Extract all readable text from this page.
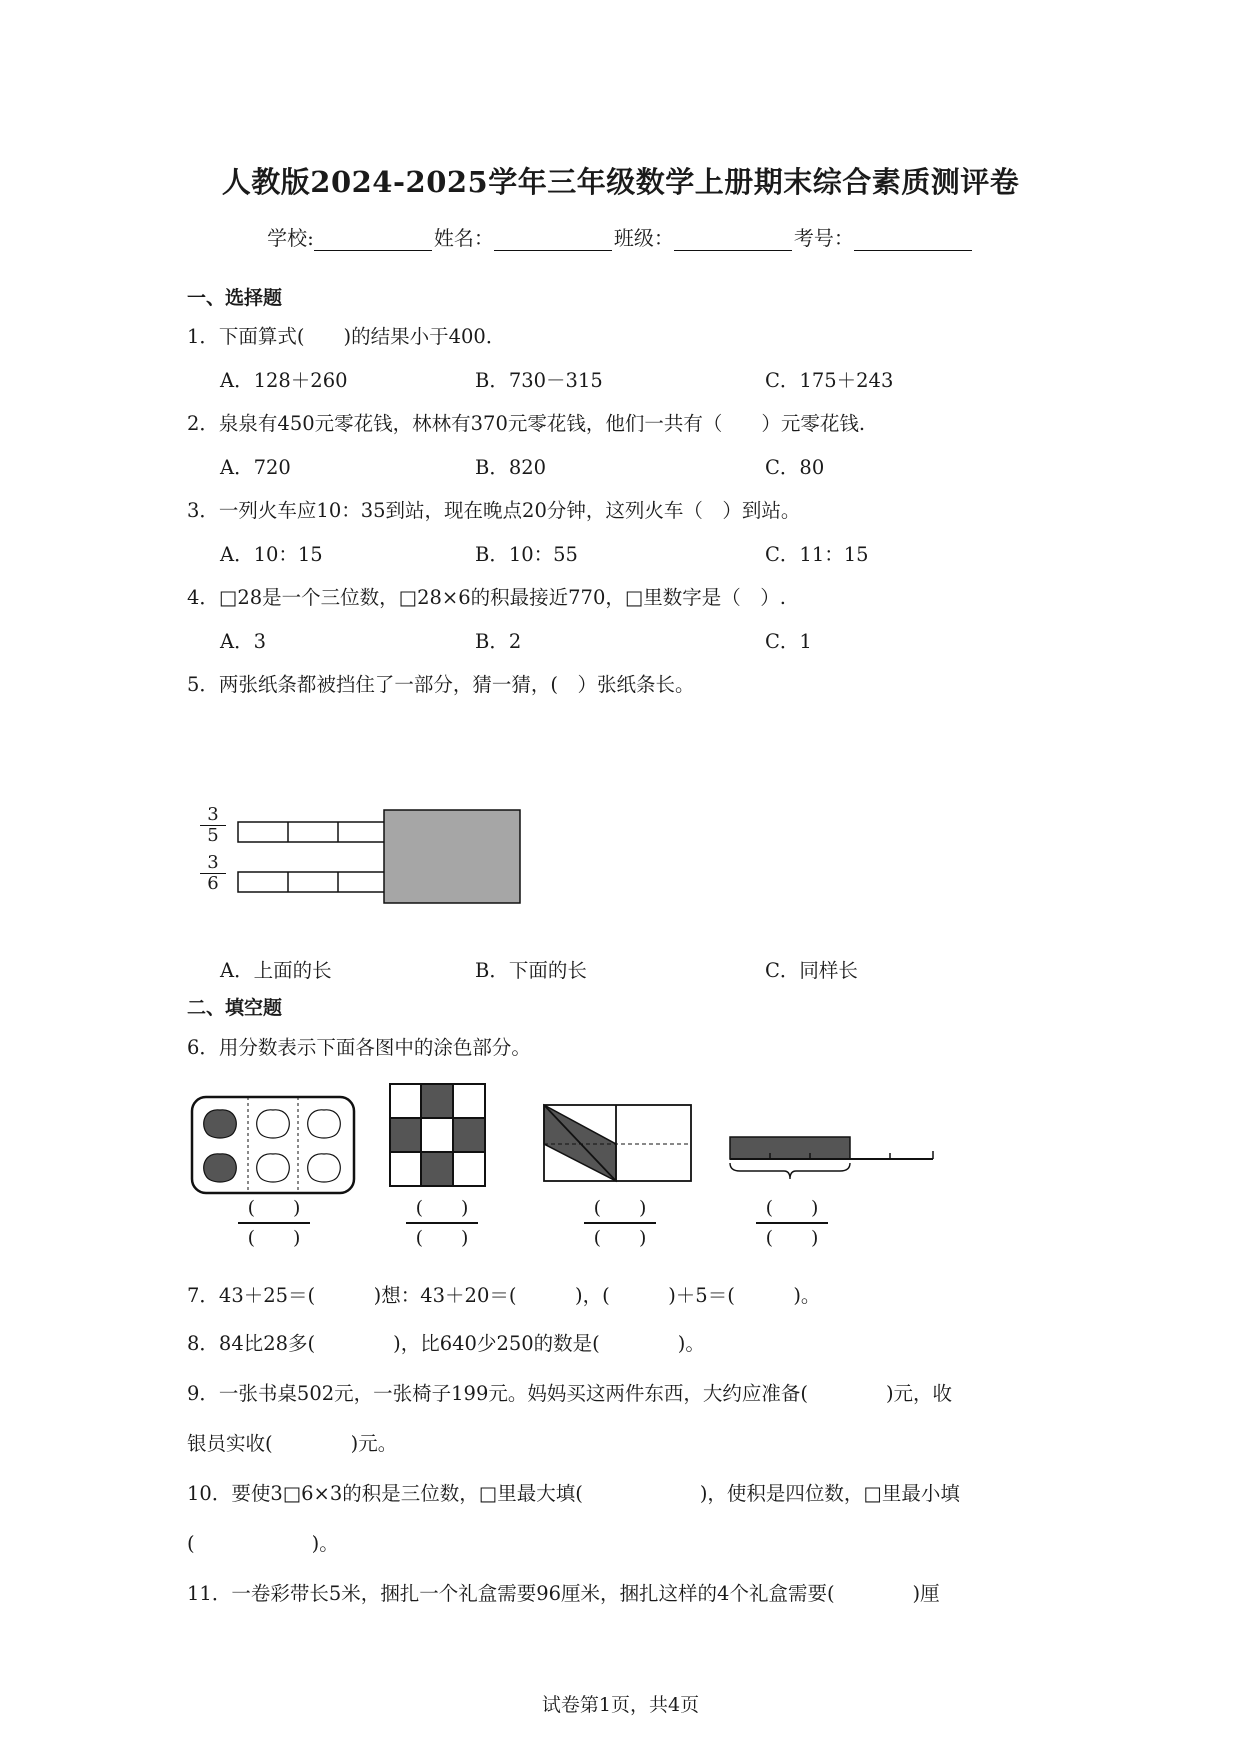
人教版2024-2025学年三年级数学上册期末综合素质测评卷
学校:	姓名：	班级：	考号：
一、选择题
1．下面算式(　　)的结果小于400．
A．128＋260	B．730－315	C．175＋243
2．泉泉有450元零花钱，林林有370元零花钱，他们一共有（　　）元零花钱.
A．720	B．820	C．80
3．一列火车应10：35到站，现在晚点20分钟，这列火车（　）到站。
A．10：15	B．10：55	C．11：15
4．□28是一个三位数，□28×6的积最接近770，□里数字是（　）.
A．3	B．2	C．1
5．两张纸条都被挡住了一部分，猜一猜，(　）张纸条长。
$\frac{3}{5}$
$\frac{3}{6}$
A．上面的长	B．下面的长	C．同样长
二、填空题
6．用分数表示下面各图中的涂色部分。
(　　)
(　　)
(　　)
(　　)
(　　)
(　　)
(　　)
(　　)
7．43＋25＝(　　　)想：43＋20＝(　　　)，(　　　)＋5＝(　　　)。
8．84比28多(　　　　)，比640少250的数是(　　　　)。
9．一张书桌502元，一张椅子199元。妈妈买这两件东西，大约应准备(　　　　)元，收
银员实收(　　　　)元。
10．要使3□6×3的积是三位数，□里最大填(　　　　　　)，使积是四位数，□里最小填
(　　　　　　)。
11．一卷彩带长5米，捆扎一个礼盒需要96厘米，捆扎这样的4个礼盒需要(　　　　)厘
试卷第1页，共4页
